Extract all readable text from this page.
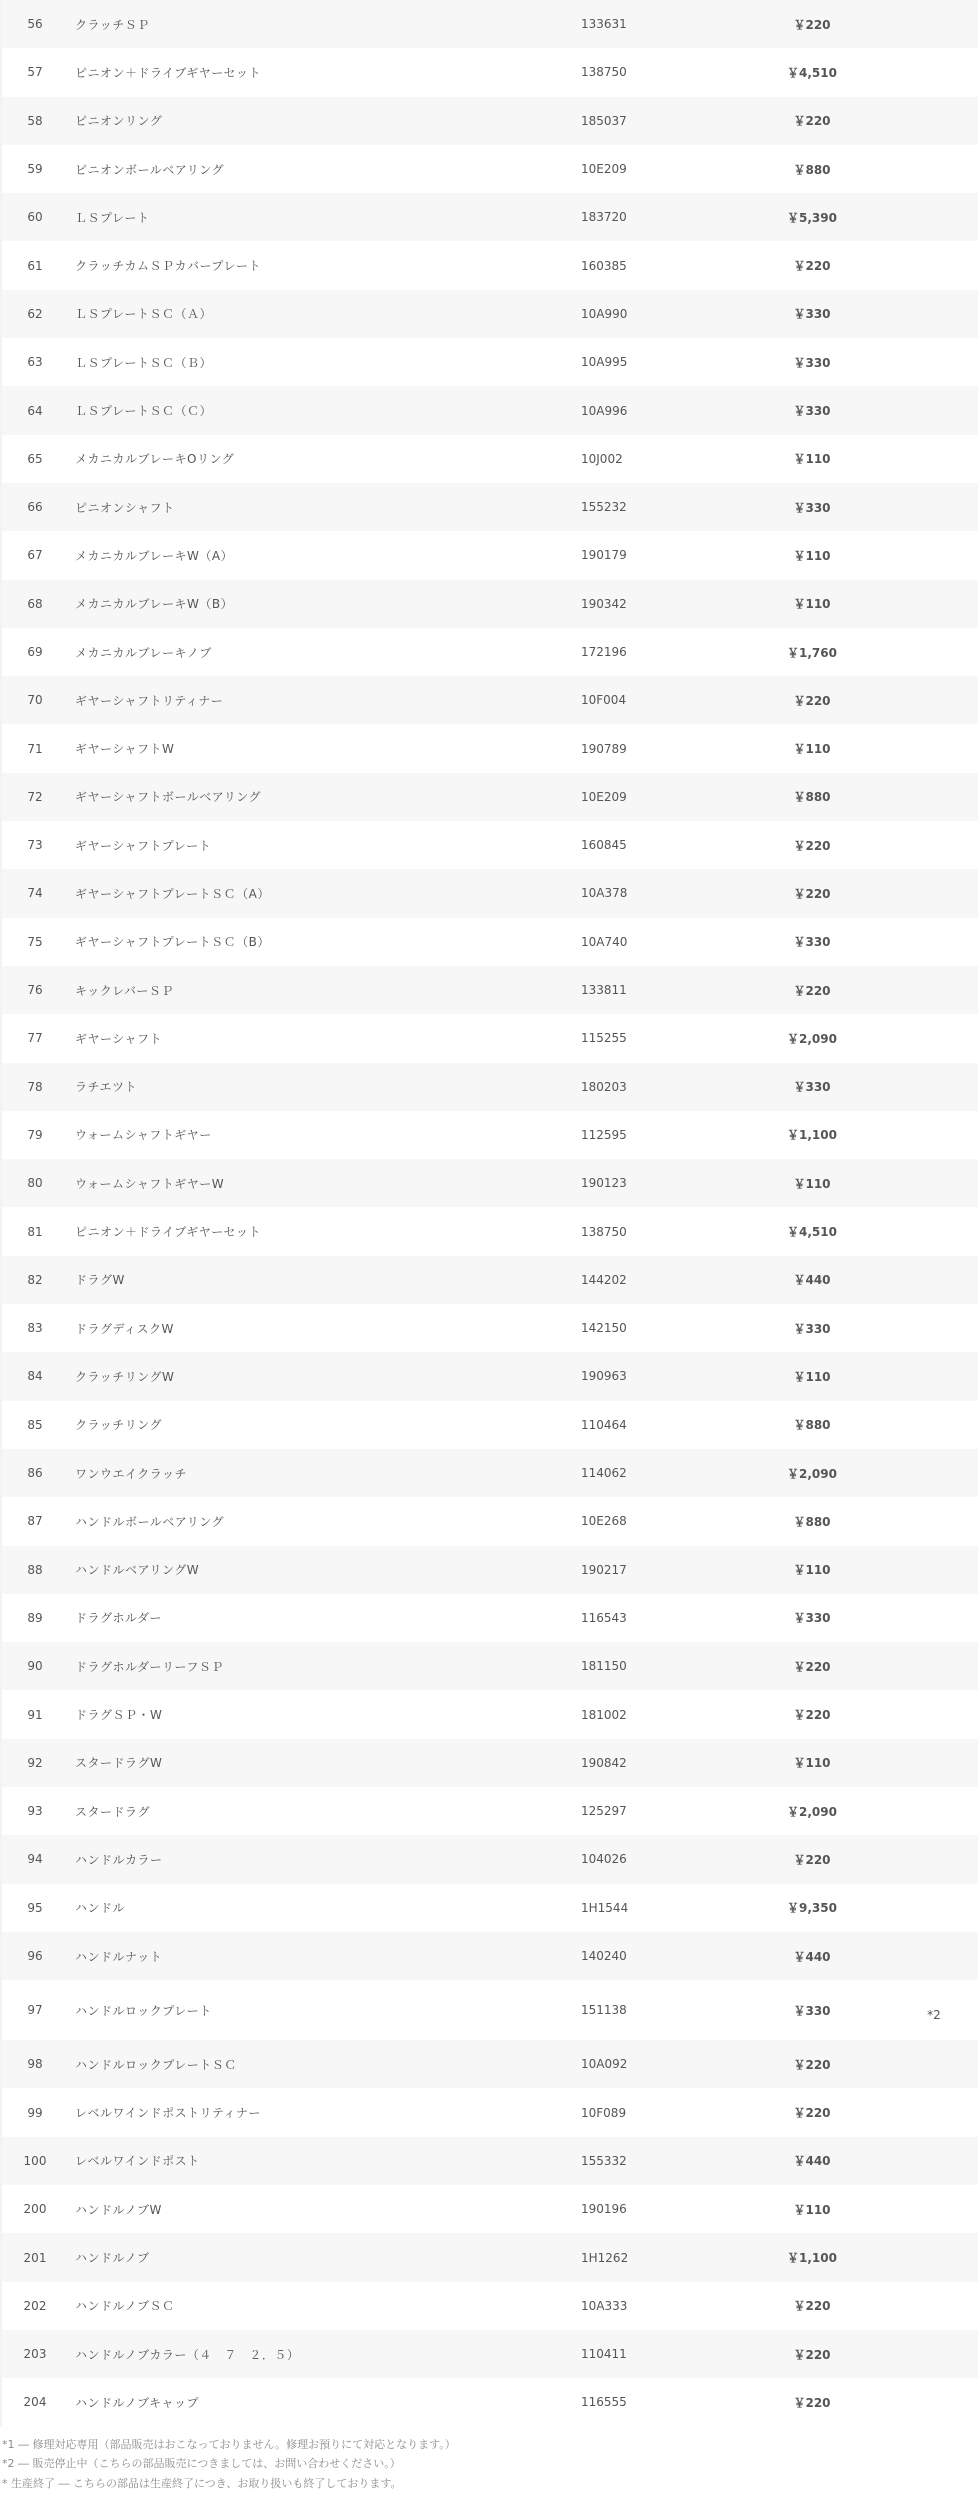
56	クラッチＳＰ	133631	￥220	
57	ピニオン＋ドライブギヤーセット	138750	￥4,510	
58	ピニオンリング	185037	￥220	
59	ピニオンボールベアリング	10E209	￥880	
60	ＬＳプレート	183720	￥5,390	
61	クラッチカムＳＰカバープレート	160385	￥220	
62	ＬＳプレートＳＣ（Ａ）	10A990	￥330	
63	ＬＳプレートＳＣ（Ｂ）	10A995	￥330	
64	ＬＳプレートＳＣ（Ｃ）	10A996	￥330	
65	メカニカルブレーキOリング	10J002	￥110	
66	ピニオンシャフト	155232	￥330	
67	メカニカルブレーキW（A）	190179	￥110	
68	メカニカルブレーキW（B）	190342	￥110	
69	メカニカルブレーキノブ	172196	￥1,760	
70	ギヤーシャフトリティナー	10F004	￥220	
71	ギヤーシャフトW	190789	￥110	
72	ギヤーシャフトボールベアリング	10E209	￥880	
73	ギヤーシャフトプレート	160845	￥220	
74	ギヤーシャフトプレートＳＣ（A）	10A378	￥220	
75	ギヤーシャフトプレートＳＣ（B）	10A740	￥330	
76	キックレバーＳＰ	133811	￥220	
77	ギヤーシャフト	115255	￥2,090	
78	ラチエツト	180203	￥330	
79	ウォームシャフトギヤー	112595	￥1,100	
80	ウォームシャフトギヤーW	190123	￥110	
81	ピニオン＋ドライブギヤーセット	138750	￥4,510	
82	ドラグW	144202	￥440	
83	ドラグディスクW	142150	￥330	
84	クラッチリングW	190963	￥110	
85	クラッチリング	110464	￥880	
86	ワンウエイクラッチ	114062	￥2,090	
87	ハンドルボールベアリング	10E268	￥880	
88	ハンドルベアリングW	190217	￥110	
89	ドラグホルダー	116543	￥330	
90	ドラグホルダーリーフＳＰ	181150	￥220	
91	ドラグＳＰ・W	181002	￥220	
92	スタードラグW	190842	￥110	
93	スタードラグ	125297	￥2,090	
94	ハンドルカラー	104026	￥220	
95	ハンドル	1H1544	￥9,350	
96	ハンドルナット	140240	￥440	
97	ハンドルロックプレート	151138	￥330	*2
98	ハンドルロックプレートＳＣ	10A092	￥220	
99	レベルワインドポストリティナー	10F089	￥220	
100	レベルワインドポスト	155332	￥440	
200	ハンドルノブW	190196	￥110	
201	ハンドルノブ	1H1262	￥1,100	
202	ハンドルノブＳＣ	10A333	￥220	
203	ハンドルノブカラー（４　７　２．５）	110411	￥220	
204	ハンドルノブキャップ	116555	￥220	
*1 ― 修理対応専用（部品販売はおこなっておりません。修理お預りにて対応となります。）
*2 ― 販売停止中（こちらの部品販売につきましては、お問い合わせください。）
* 生産終了 ― こちらの部品は生産終了につき、お取り扱いも終了しております。
